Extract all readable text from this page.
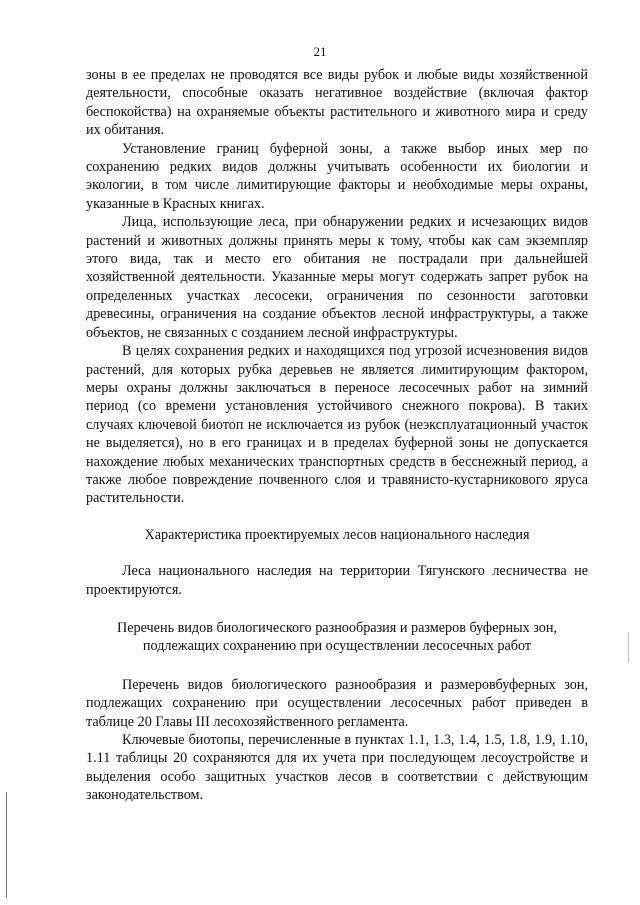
21

зоны в ее пределах не проводятся все виды рубок и любые виды хозяйственной деятельности, способные оказать негативное воздействие (включая фактор беспокойства) на охраняемые объекты растительного и животного мира и среду их обитания.

Установление границ буферной зоны, а также выбор иных мер по сохранению редких видов должны учитывать особенности их биологии и экологии, в том числе лимитирующие факторы и необходимые меры охраны, указанные в Красных книгах.

Лица, использующие леса, при обнаружении редких и исчезающих видов растений и животных должны принять меры к тому, чтобы как сам экземпляр этого вида, так и место его обитания не пострадали при дальнейшей хозяйственной деятельности. Указанные меры могут содержать запрет рубок на определенных участках лесосеки, ограничения по сезонности заготовки древесины, ограничения на создание объектов лесной инфраструктуры, а также объектов, не связанных с созданием лесной инфраструктуры.

В целях сохранения редких и находящихся под угрозой исчезновения видов растений, для которых рубка деревьев не является лимитирующим фактором, меры охраны должны заключаться в переносе лесосечных работ на зимний период (со времени установления устойчивого снежного покрова). В таких случаях ключевой биотоп не исключается из рубок (неэксплуатационный участок не выделяется), но в его границах и в пределах буферной зоны не допускается нахождение любых механических транспортных средств в бесснежный период, а также любое повреждение почвенного слоя и травянисто-кустарникового яруса растительности.

Характеристика проектируемых лесов национального наследия

Леса национального наследия на территории Тягунского лесничества не проектируются.

Перечень видов биологического разнообразия и размеров буферных зон,
подлежащих сохранению при осуществлении лесосечных работ

Перечень видов биологического разнообразия и размеровбуферных зон, подлежащих сохранению при осуществлении лесосечных работ приведен в таблице 20 Главы III лесохозяйственного регламента.

Ключевые биотопы, перечисленные в пунктах 1.1, 1.3, 1.4, 1.5, 1.8, 1.9, 1.10, 1.11 таблицы 20 сохраняются для их учета при последующем лесоустройстве и выделения особо защитных участков лесов в соответствии с действующим законодательством.
